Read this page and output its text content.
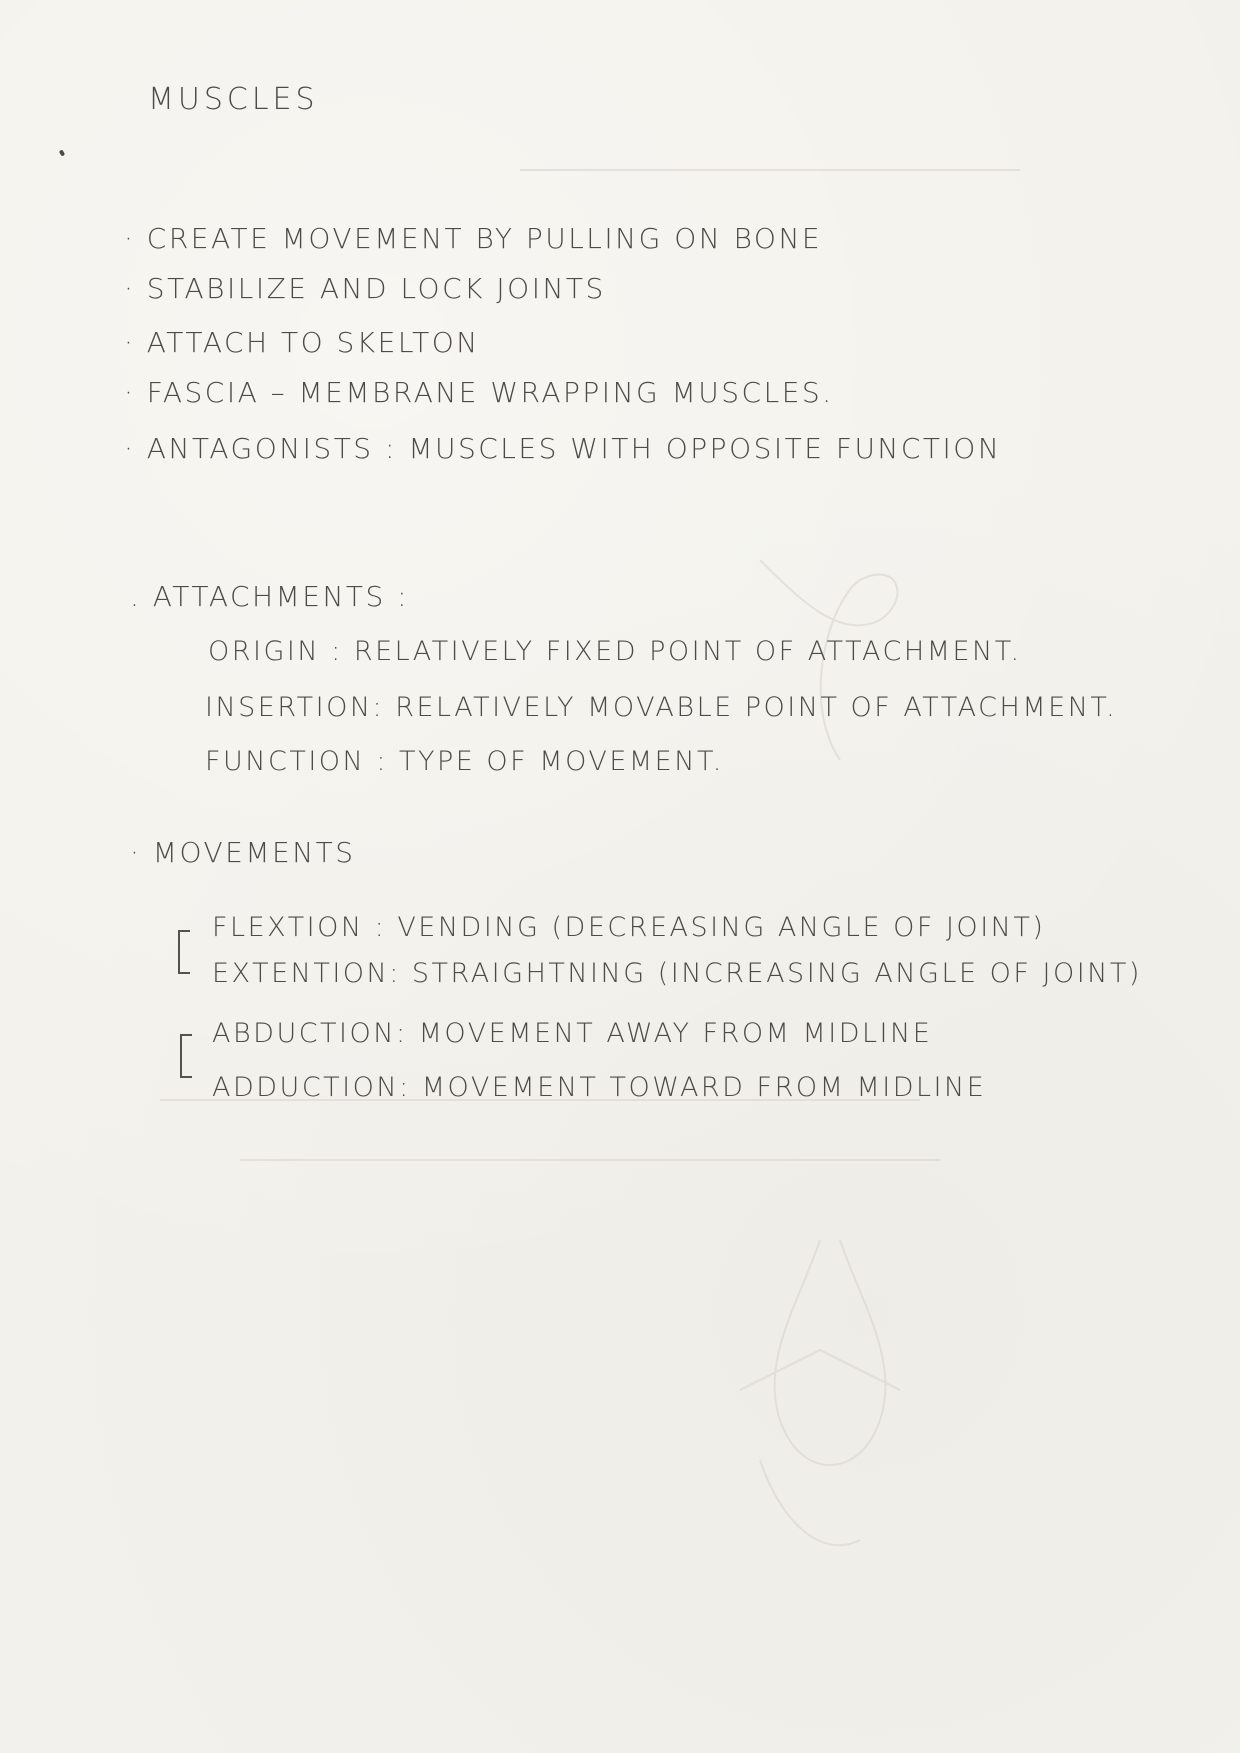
MUSCLES
· CREATE MOVEMENT BY PULLING ON BONE
· STABILIZE AND LOCK JOINTS
· ATTACH TO SKELTON
· FASCIA – MEMBRANE WRAPPING MUSCLES.
· ANTAGONISTS : MUSCLES WITH OPPOSITE FUNCTION
. ATTACHMENTS :
ORIGIN : RELATIVELY FIXED POINT OF ATTACHMENT.
INSERTION: RELATIVELY MOVABLE POINT OF ATTACHMENT.
FUNCTION : TYPE OF MOVEMENT.
· MOVEMENTS
FLEXTION : VENDING (DECREASING ANGLE OF JOINT)
EXTENTION: STRAIGHTNING (INCREASING ANGLE OF JOINT)
ABDUCTION: MOVEMENT AWAY FROM MIDLINE
ADDUCTION: MOVEMENT TOWARD FROM MIDLINE
